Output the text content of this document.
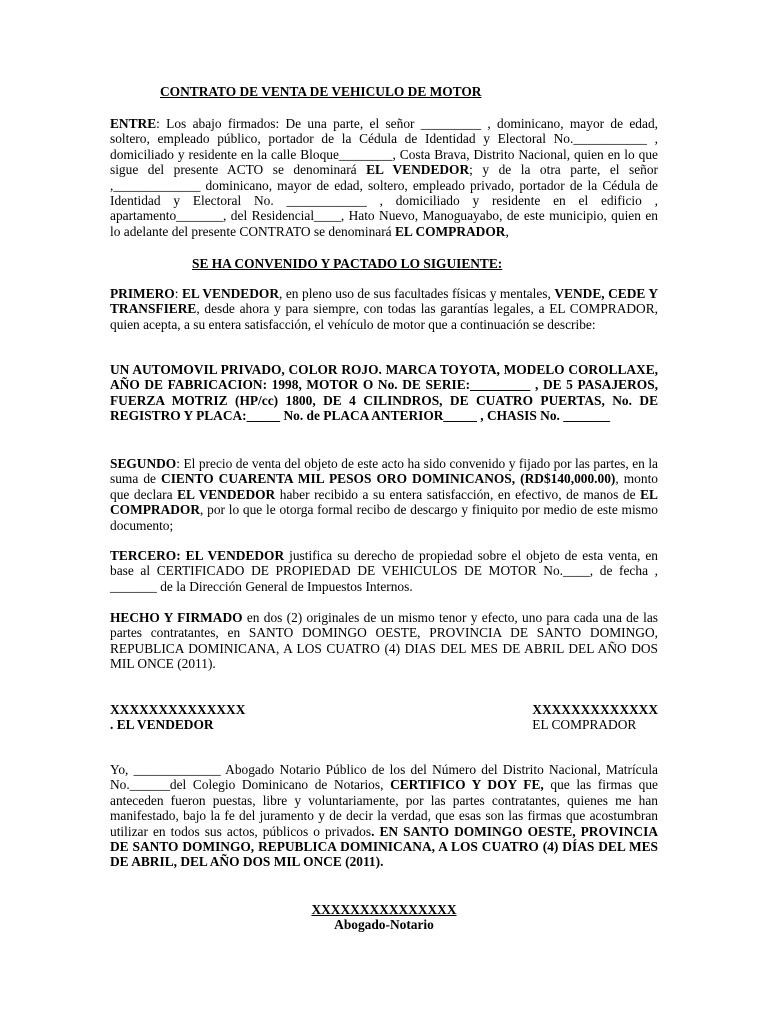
CONTRATO DE VENTA DE VEHICULO DE MOTOR
ENTRE: Los abajo firmados: De una parte, el señor _________ , dominicano, mayor de edad, soltero, empleado público, portador de la Cédula de Identidad y Electoral No.___________ , domiciliado y residente en la calle Bloque________, Costa Brava, Distrito Nacional, quien en lo que sigue del presente ACTO se denominará EL VENDEDOR; y de la otra parte, el señor ,_____________ dominicano, mayor de edad, soltero, empleado privado, portador de la Cédula de Identidad y Electoral No. ____________ , domiciliado y residente en el edificio , apartamento_______, del Residencial____, Hato Nuevo, Manoguayabo, de este municipio, quien en lo adelante del presente CONTRATO se denominará EL COMPRADOR,
SE HA CONVENIDO Y PACTADO LO SIGUIENTE:
PRIMERO: EL VENDEDOR, en pleno uso de sus facultades físicas y mentales, VENDE, CEDE Y TRANSFIERE, desde ahora y para siempre, con todas las garantías legales, a EL COMPRADOR, quien acepta, a su entera satisfacción, el vehículo de motor que a continuación se describe:
UN AUTOMOVIL PRIVADO, COLOR ROJO. MARCA TOYOTA, MODELO COROLLAXE, AÑO DE FABRICACION: 1998, MOTOR O No. DE SERIE:_________ , DE 5 PASAJEROS, FUERZA MOTRIZ (HP/cc) 1800, DE 4 CILINDROS, DE CUATRO PUERTAS, No. DE REGISTRO Y PLACA:_____ No. de PLACA ANTERIOR_____ , CHASIS No. _______
SEGUNDO: El precio de venta del objeto de este acto ha sido convenido y fijado por las partes, en la suma de CIENTO CUARENTA MIL PESOS ORO DOMINICANOS, (RD$140,000.00), monto que declara EL VENDEDOR haber recibido a su entera satisfacción, en efectivo, de manos de EL COMPRADOR, por lo que le otorga formal recibo de descargo y finiquito por medio de este mismo documento;
TERCERO: EL VENDEDOR justifica su derecho de propiedad sobre el objeto de esta venta, en base al CERTIFICADO DE PROPIEDAD DE VEHICULOS DE MOTOR No.____, de fecha , _______ de la Dirección General de Impuestos Internos.
HECHO Y FIRMADO en dos (2) originales de un mismo tenor y efecto, uno para cada una de las partes contratantes, en SANTO DOMINGO OESTE, PROVINCIA DE SANTO DOMINGO, REPUBLICA DOMINICANA, A LOS CUATRO (4) DIAS DEL MES DE ABRIL DEL AÑO DOS MIL ONCE (2011).
XXXXXXXXXXXXXX
. EL VENDEDOR
XXXXXXXXXXXXX
EL COMPRADOR
Yo, _____________ Abogado Notario Público de los del Número del Distrito Nacional, Matrícula No.______del Colegio Dominicano de Notarios, CERTIFICO Y DOY FE, que las firmas que anteceden fueron puestas, libre y voluntariamente, por las partes contratantes, quienes me han manifestado, bajo la fe del juramento y de decir la verdad, que esas son las firmas que acostumbran utilizar en todos sus actos, públicos o privados. EN SANTO DOMINGO OESTE, PROVINCIA DE SANTO DOMINGO, REPUBLICA DOMINICANA, A LOS CUATRO (4) DÍAS DEL MES DE ABRIL, DEL AÑO DOS MIL ONCE (2011).
XXXXXXXXXXXXXXX
Abogado-Notario
